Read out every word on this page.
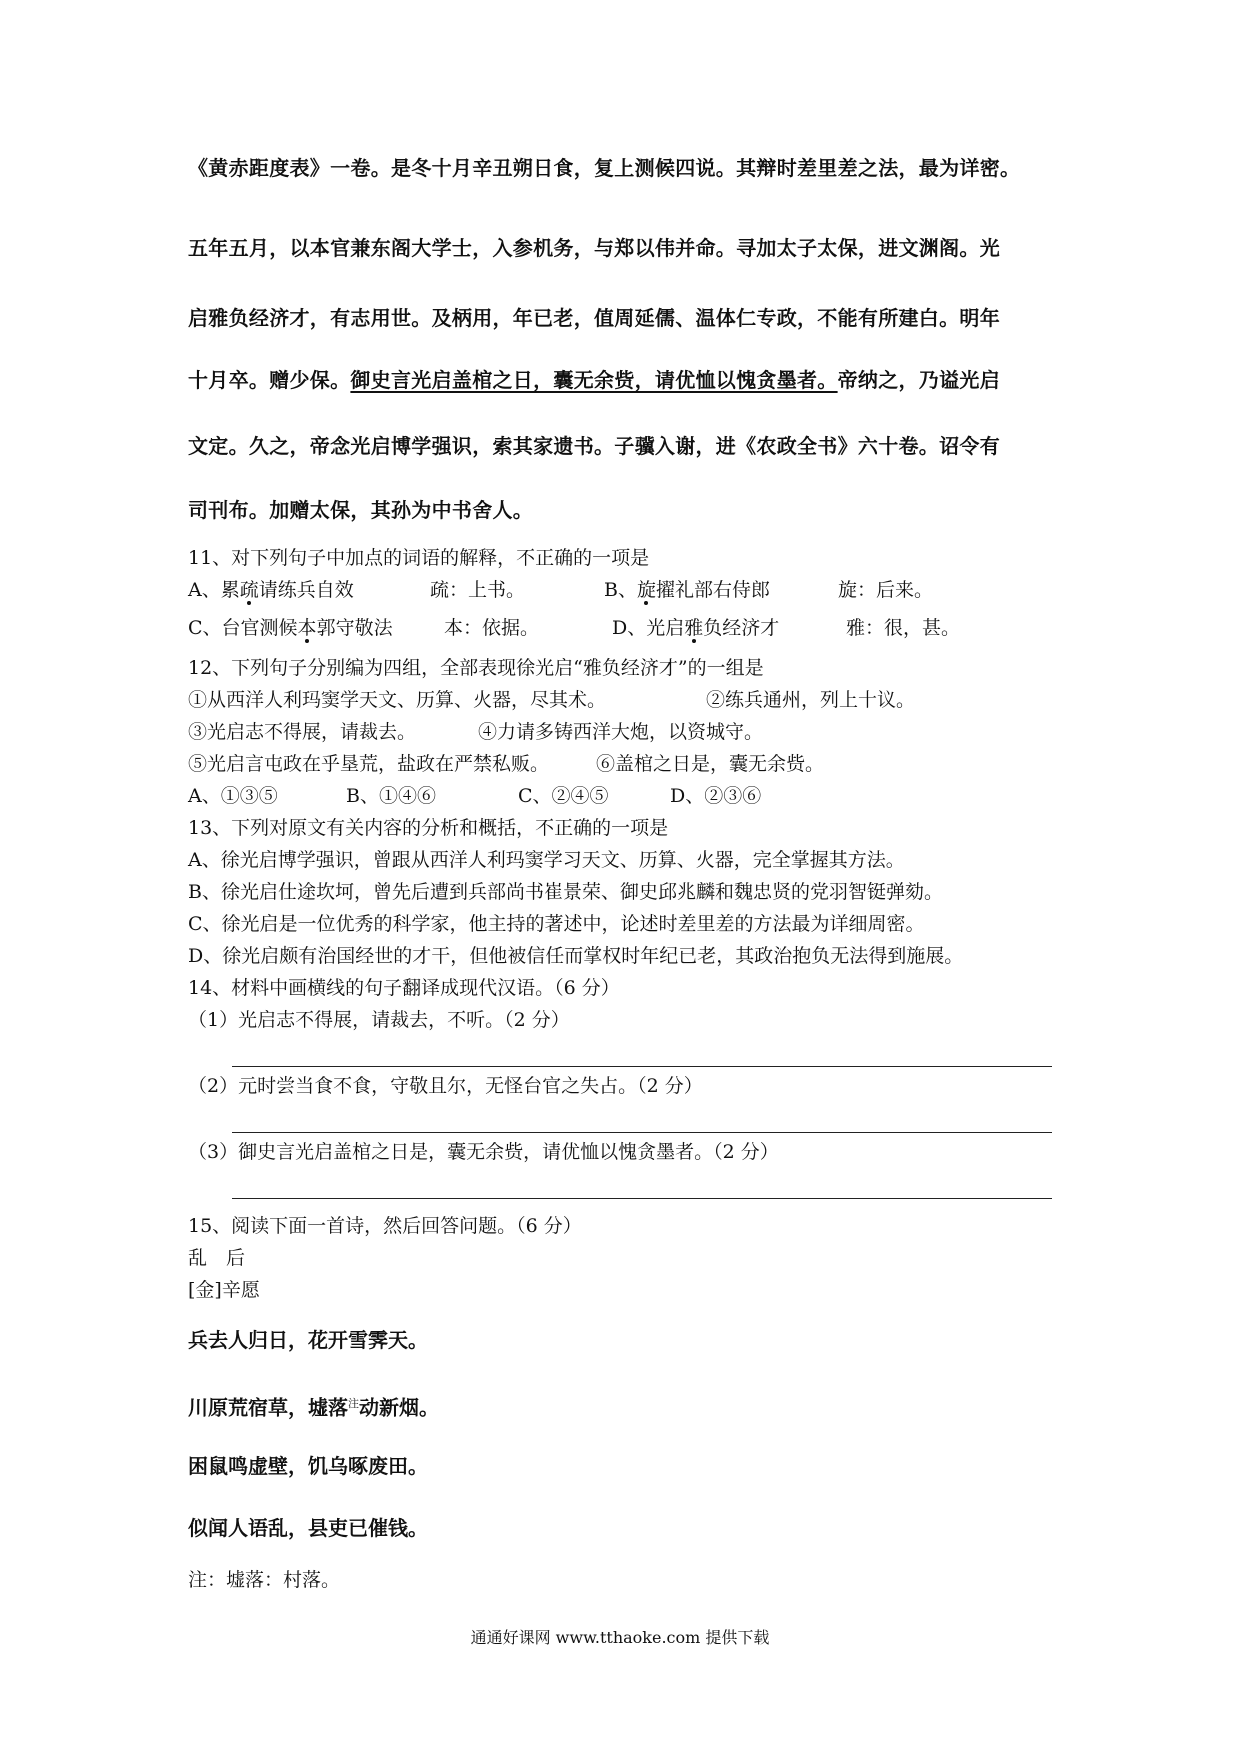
《黄赤距度表》一卷。是冬十月辛丑朔日食，复上测候四说。其辩时差里差之法，最为详密。

五年五月，以本官兼东阁大学士，入参机务，与郑以伟并命。寻加太子太保，进文渊阁。光

启雅负经济才，有志用世。及柄用，年已老，值周延儒、温体仁专政，不能有所建白。明年

十月卒。赠少保。御史言光启盖棺之日，囊无余赀，请优恤以愧贪墨者。帝纳之，乃谥光启

文定。久之，帝念光启博学强识，索其家遗书。子骥入谢，进《农政全书》六十卷。诏令有

司刊布。加赠太保，其孙为中书舍人。

11、对下列句子中加点的词语的解释，不正确的一项是

A、累疏请练兵自效	疏：上书。	B、旋擢礼部右侍郎	旋：后来。
C、台官测候本郭守敬法	本：依据。	D、光启雅负经济才	雅：很，甚。

12、下列句子分别编为四组，全部表现徐光启“雅负经济才”的一组是

①从西洋人利玛窦学天文、历算、火器，尽其术。	②练兵通州，列上十议。
③光启志不得展，请裁去。	④力请多铸西洋大炮，以资城守。
⑤光启言屯政在乎垦荒，盐政在严禁私贩。 ⑥盖棺之日是，囊无余赀。
A、①③⑤	B、①④⑥	C、②④⑤	D、②③⑥

13、下列对原文有关内容的分析和概括，不正确的一项是

A、徐光启博学强识，曾跟从西洋人利玛窦学习天文、历算、火器，完全掌握其方法。

B、徐光启仕途坎坷，曾先后遭到兵部尚书崔景荣、御史邱兆麟和魏忠贤的党羽智铤弹劾。

C、徐光启是一位优秀的科学家，他主持的著述中，论述时差里差的方法最为详细周密。

D、徐光启颇有治国经世的才干，但他被信任而掌权时年纪已老，其政治抱负无法得到施展。

14、材料中画横线的句子翻译成现代汉语。（6 分）

（1）光启志不得展，请裁去，不听。（2 分）

（2）元时尝当食不食，守敬且尔，无怪台官之失占。（2 分）

（3）御史言光启盖棺之日是，囊无余赀，请优恤以愧贪墨者。（2 分）

15、阅读下面一首诗，然后回答问题。（6 分）

乱　后

[金]辛愿

兵去人归日，花开雪霁天。

川原荒宿草，墟落$^注$动新烟。

困鼠鸣虚壁，饥乌啄废田。

似闻人语乱，县吏已催钱。

注：墟落：村落。

通通好课网 www.tthaoke.com 提供下载
